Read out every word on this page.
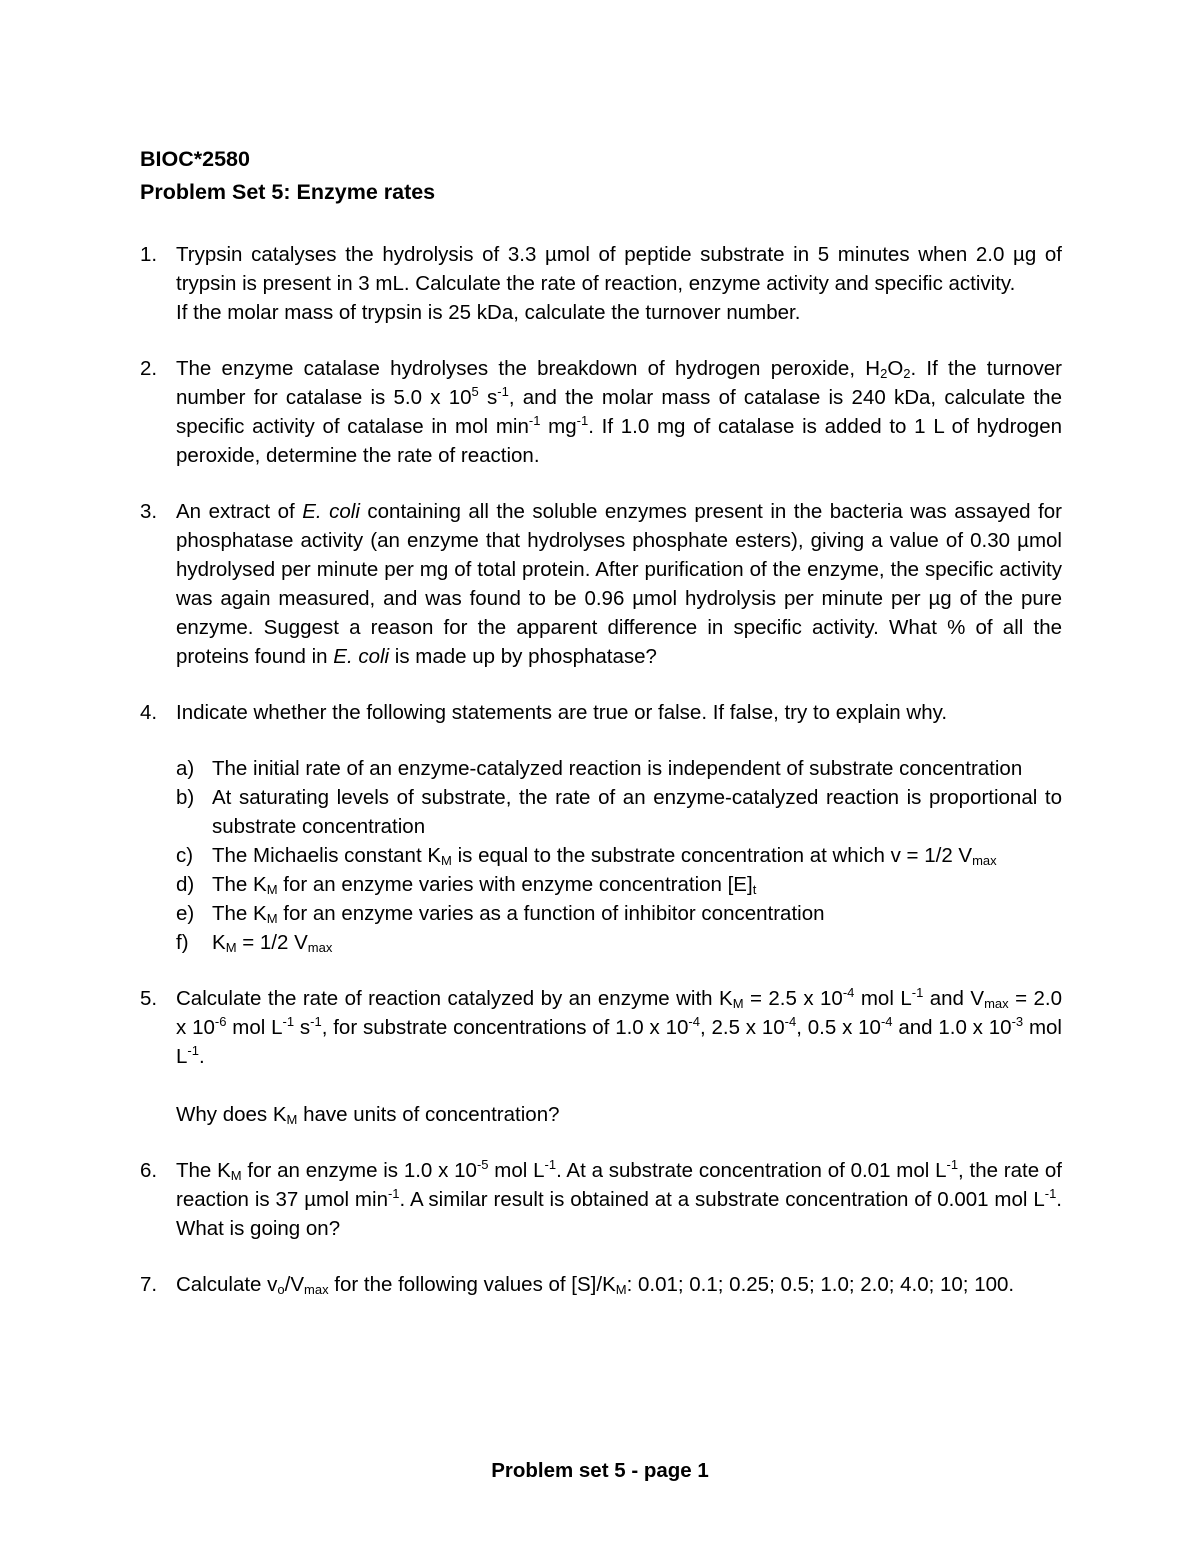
BIOC*2580
Problem Set 5: Enzyme rates
1. Trypsin catalyses the hydrolysis of 3.3 µmol of peptide substrate in 5 minutes when 2.0 µg of trypsin is present in 3 mL. Calculate the rate of reaction, enzyme activity and specific activity.
If the molar mass of trypsin is 25 kDa, calculate the turnover number.
2. The enzyme catalase hydrolyses the breakdown of hydrogen peroxide, $H_2O_2$. If the turnover number for catalase is 5.0 x $10^5$ $s^{-1}$, and the molar mass of catalase is 240 kDa, calculate the specific activity of catalase in mol $\min^{-1} mg^{-1}$. If 1.0 mg of catalase is added to 1 L of hydrogen peroxide, determine the rate of reaction.
3. An extract of E. coli containing all the soluble enzymes present in the bacteria was assayed for phosphatase activity (an enzyme that hydrolyses phosphate esters), giving a value of 0.30 µmol hydrolysed per minute per mg of total protein. After purification of the enzyme, the specific activity was again measured, and was found to be 0.96 µmol hydrolysis per minute per µg of the pure enzyme. Suggest a reason for the apparent difference in specific activity. What % of all the proteins found in E. coli is made up by phosphatase?
4. Indicate whether the following statements are true or false. If false, try to explain why.
a) The initial rate of an enzyme-catalyzed reaction is independent of substrate concentration
b) At saturating levels of substrate, the rate of an enzyme-catalyzed reaction is proportional to substrate concentration
c) The Michaelis constant $K_M$ is equal to the substrate concentration at which v = 1/2 $V_{max}$
d) The $K_M$ for an enzyme varies with enzyme concentration $[E]_t$
e) The $K_M$ for an enzyme varies as a function of inhibitor concentration
f) $K_M = 1/2$ $V_{max}$
5. Calculate the rate of reaction catalyzed by an enzyme with $K_M = 2.5$ x $10^{-4}$ mol $L^{-1}$ and $V_{max} = 2.0$ x $10^{-6}$ mol $L^{-1}$ $s^{-1}$, for substrate concentrations of 1.0 x $10^{-4}$, 2.5 x $10^{-4}$, 0.5 x $10^{-4}$ and 1.0 x $10^{-3}$ mol $L^{-1}$.
Why does $K_M$ have units of concentration?
6. The $K_M$ for an enzyme is 1.0 x $10^{-5}$ mol $L^{-1}$. At a substrate concentration of 0.01 mol $L^{-1}$, the rate of reaction is 37 µmol $\min^{-1}$. A similar result is obtained at a substrate concentration of 0.001 mol $L^{-1}$. What is going on?
7. Calculate $v_o/V_{max}$ for the following values of $[S]/K_M$: 0.01; 0.1; 0.25; 0.5; 1.0; 2.0; 4.0; 10; 100.
Problem set 5 - page 1
